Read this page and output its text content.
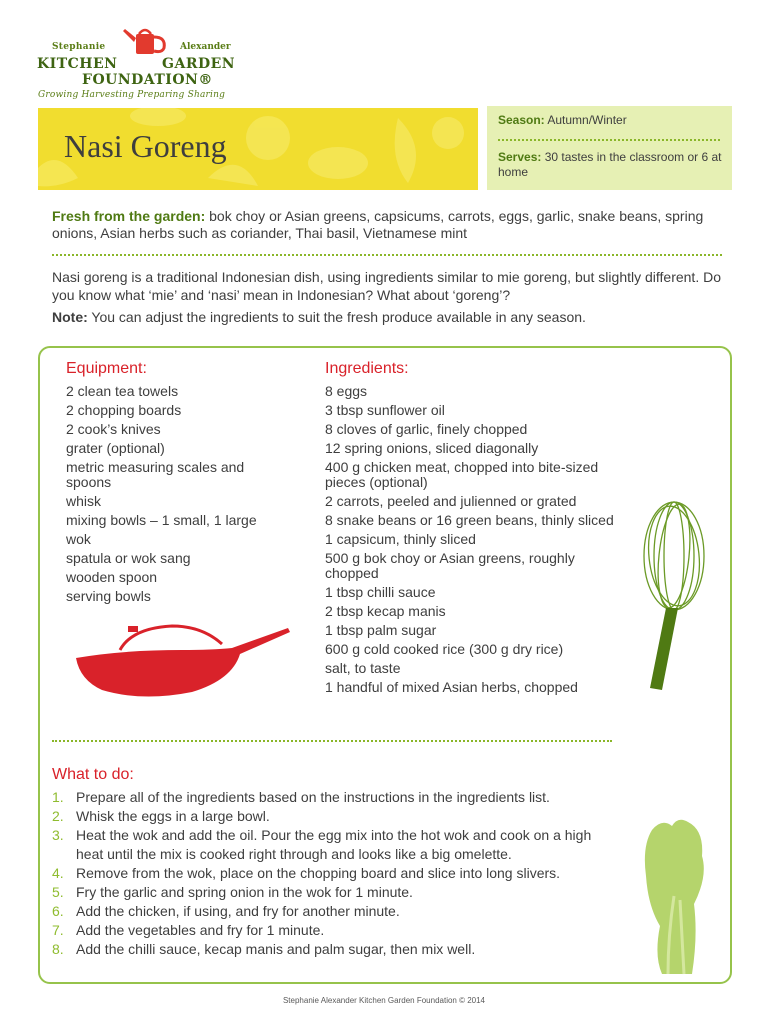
Stephanie	Alexander
KITCHEN	GARDEN
FOUNDATION®
Growing Harvesting Preparing Sharing
Nasi Goreng
Season: Autumn/Winter
Serves: 30 tastes in the classroom or 6 at home
Fresh from the garden: bok choy or Asian greens, capsicums, carrots, eggs, garlic, snake beans, spring onions, Asian herbs such as coriander, Thai basil, Vietnamese mint
Nasi goreng is a traditional Indonesian dish, using ingredients similar to mie goreng, but slightly different. Do you know what ‘mie’ and ‘nasi’ mean in Indonesian? What about ‘goreng’?
Note: You can adjust the ingredients to suit the fresh produce available in any season.
Equipment:
2 clean tea towels
2 chopping boards
2 cook’s knives
grater (optional)
metric measuring scales and spoons
whisk
mixing bowls – 1 small, 1 large
wok
spatula or wok sang
wooden spoon
serving bowls
Ingredients:
8 eggs
3 tbsp sunflower oil
8 cloves of garlic, finely chopped
12 spring onions, sliced diagonally
400 g chicken meat, chopped into bite-sized pieces (optional)
2 carrots, peeled and julienned or grated
8 snake beans or 16 green beans, thinly sliced
1 capsicum, thinly sliced
500 g bok choy or Asian greens, roughly chopped
1 tbsp chilli sauce
2 tbsp kecap manis
1 tbsp palm sugar
600 g cold cooked rice (300 g dry rice)
salt, to taste
1 handful of mixed Asian herbs, chopped
What to do:
1. Prepare all of the ingredients based on the instructions in the ingredients list.
2. Whisk the eggs in a large bowl.
3. Heat the wok and add the oil. Pour the egg mix into the hot wok and cook on a high heat until the mix is cooked right through and looks like a big omelette.
4. Remove from the wok, place on the chopping board and slice into long slivers.
5. Fry the garlic and spring onion in the wok for 1 minute.
6. Add the chicken, if using, and fry for another minute.
7. Add the vegetables and fry for 1 minute.
8. Add the chilli sauce, kecap manis and palm sugar, then mix well.
Stephanie Alexander Kitchen Garden Foundation © 2014
